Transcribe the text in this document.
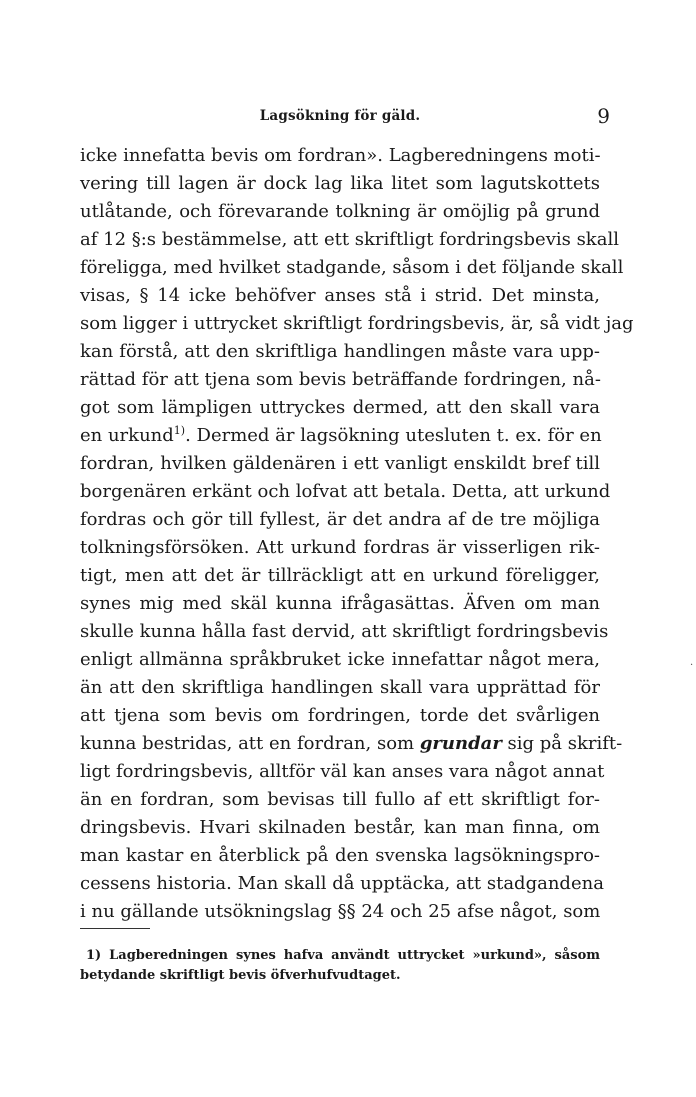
Lagsökning för gäld.	9
icke innefatta bevis om fordran». Lagberedningens moti-
vering till lagen är dock lag lika litet som lagutskottets
utlåtande, och förevarande tolkning är omöjlig på grund
af 12 §:s bestämmelse, att ett skriftligt fordringsbevis skall
föreligga, med hvilket stadgande, såsom i det följande skall
visas, § 14 icke behöfver anses stå i strid. Det minsta,
som ligger i uttrycket skriftligt fordringsbevis, är, så vidt jag
kan förstå, att den skriftliga handlingen måste vara upp-
rättad för att tjena som bevis beträffande fordringen, nå-
got som lämpligen uttryckes dermed, att den skall vara
en urkund$^{1)}$. Dermed är lagsökning utesluten t. ex. för en
fordran, hvilken gäldenären i ett vanligt enskildt bref till
borgenären erkänt och lofvat att betala. Detta, att urkund
fordras och gör till fyllest, är det andra af de tre möjliga
tolkningsförsöken. Att urkund fordras är visserligen rik-
tigt, men att det är tillräckligt att en urkund föreligger,
synes mig med skäl kunna ifrågasättas. Äfven om man
skulle kunna hålla fast dervid, att skriftligt fordringsbevis
enligt allmänna språkbruket icke innefattar något mera,
än att den skriftliga handlingen skall vara upprättad för
att tjena som bevis om fordringen, torde det svårligen
kunna bestridas, att en fordran, som grundar sig på skrift-
ligt fordringsbevis, alltför väl kan anses vara något annat
än en fordran, som bevisas till fullo af ett skriftligt for-
dringsbevis. Hvari skilnaden består, kan man finna, om
man kastar en återblick på den svenska lagsökningspro-
cessens historia. Man skall då upptäcka, att stadgandena
i nu gällande utsökningslag §§ 24 och 25 afse något, som
1) Lagberedningen synes hafva användt uttrycket »urkund», såsom
betydande skriftligt bevis öfverhufvudtaget.
·
